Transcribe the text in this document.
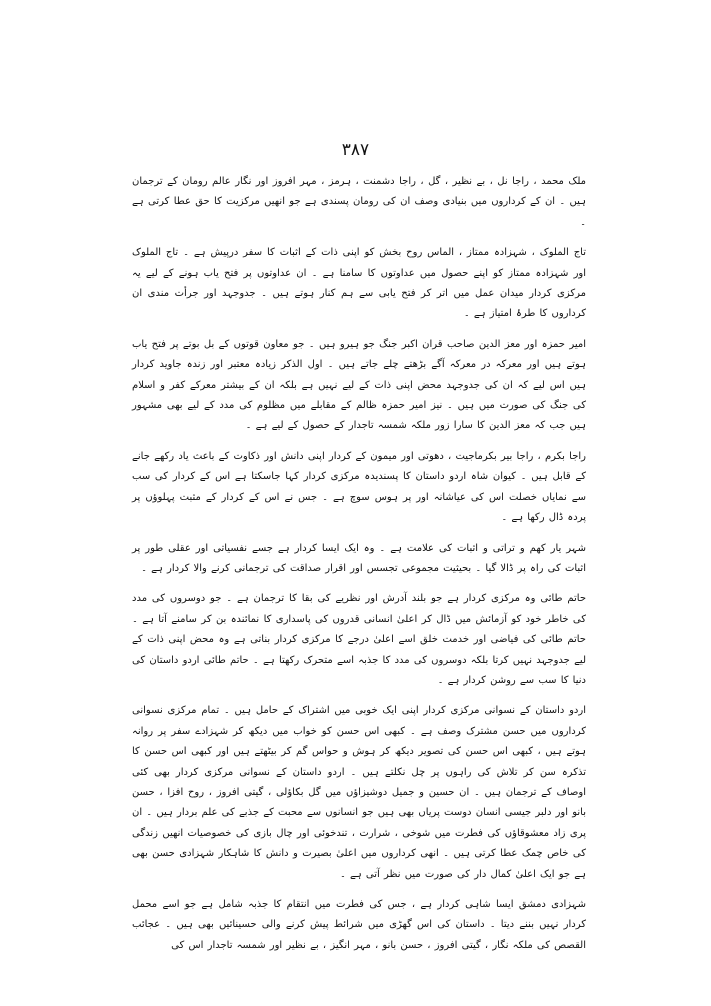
۳۸۷

ملک محمد ، راجا نل ، بے نظیر ، گل ، راجا دشمنت ، ہرمز ، مہر افروز اور نگار عالم رومان کے ترجمان ہیں ۔ ان کے کرداروں میں بنیادی وصف ان کی رومان پسندی ہے جو انھیں مرکزیت کا حق عطا کرتی ہے ۔

تاج الملوک ، شہزادہ ممتاز ، الماس روح بخش کو اپنی ذات کے اثبات کا سفر درپیش ہے ۔ تاج الملوک اور شہزادہ ممتاز کو اپنے حصول میں عداوتوں کا سامنا ہے ۔ ان عداوتوں پر فتح یاب ہونے کے لیے یہ مرکزی کردار میدان عمل میں اتر کر فتح یابی سے ہم کنار ہوتے ہیں ۔ جدوجہد اور جرأت مندی ان کرداروں کا طرۂ امتیاز ہے ۔

امیر حمزہ اور معز الدین صاحب قران اکبر جنگ جو ہیرو ہیں ۔ جو معاون قوتوں کے بل بوتے پر فتح یاب ہوتے ہیں اور معرکہ در معرکہ آگے بڑھتے چلے جاتے ہیں ۔ اول الذکر زیادہ معتبر اور زندہ جاوید کردار ہیں اس لیے کہ ان کی جدوجہد محض اپنی ذات کے لیے نہیں ہے بلکہ ان کے بیشتر معرکے کفر و اسلام کی جنگ کی صورت میں ہیں ۔ نیز امیر حمزہ ظالم کے مقابلے میں مظلوم کی مدد کے لیے بھی مشہور ہیں جب کہ معز الدین کا سارا زور ملکہ شمسہ تاجدار کے حصول کے لیے ہے ۔

راجا بکرم ، راجا بیر بکرماجیت ، دھوتی اور میمون کے کردار اپنی دانش اور ذکاوت کے باعث یاد رکھے جانے کے قابل ہیں ۔ کیوان شاہ اردو داستان کا پسندیدہ مرکزی کردار کہا جاسکتا ہے اس کے کردار کی سب سے نمایاں خصلت اس کی عیاشانہ اور پر ہوس سوچ ہے ۔ جس نے اس کے کردار کے مثبت پہلوؤں پر پردہ ڈال رکھا ہے ۔

شہر یار کھم و تراتی و اثبات کی علامت ہے ۔ وہ ایک ایسا کردار ہے جسے نفسیاتی اور عقلی طور پر اثبات کی راہ پر ڈالا گیا ۔ بحیثیت مجموعی تجسس اور اقرار صداقت کی ترجمانی کرنے والا کردار ہے ۔

حاتم طائی وہ مرکزی کردار ہے جو بلند آدرش اور نظریے کی بقا کا ترجمان ہے ۔ جو دوسروں کی مدد کی خاطر خود کو آزمائش میں ڈال کر اعلیٰ انسانی قدروں کی پاسداری کا نمائندہ بن کر سامنے آتا ہے ۔ حاتم طائی کی فیاضی اور خدمت خلق اسے اعلیٰ درجے کا مرکزی کردار بناتی ہے وہ محض اپنی ذات کے لیے جدوجہد نہیں کرتا بلکہ دوسروں کی مدد کا جذبہ اسے متحرک رکھتا ہے ۔ حاتم طائی اردو داستان کی دنیا کا سب سے روشن کردار ہے ۔

اردو داستان کے نسوانی مرکزی کردار اپنی ایک خوبی میں اشتراک کے حامل ہیں ۔ تمام مرکزی نسوانی کرداروں میں حسن مشترک وصف ہے ۔ کبھی اس حسن کو خواب میں دیکھ کر شہزادے سفر پر روانہ ہوتے ہیں ، کبھی اس حسن کی تصویر دیکھ کر ہوش و حواس گم کر بیٹھتے ہیں اور کبھی اس حسن کا تذکرہ سن کر تلاش کی راہوں پر چل نکلتے ہیں ۔ اردو داستان کے نسوانی مرکزی کردار بھی کئی اوصاف کے ترجمان ہیں ۔ ان حسین و جمیل دوشیزاؤں میں گل بکاؤلی ، گیتی افروز ، روح افزا ، حسن بانو اور دلبر جیسی انسان دوست پریاں بھی ہیں جو انسانوں سے محبت کے جذبے کی علم بردار ہیں ۔ ان پری زاد معشوقاؤں کی فطرت میں شوخی ، شرارت ، تندخوئی اور چال بازی کی خصوصیات انھیں زندگی کی خاص چمک عطا کرتی ہیں ۔ انھی کرداروں میں اعلیٰ بصیرت و دانش کا شاہکار شہزادی حسن بھی ہے جو ایک اعلیٰ کمال دار کی صورت میں نظر آتی ہے ۔

شہزادی دمشق ایسا شاہی کردار ہے ، جس کی فطرت میں انتقام کا جذبہ شامل ہے جو اسے محمل کردار نہیں بننے دیتا ۔ داستان کی اس گھڑی میں شرائط پیش کرنے والی حسینائیں بھی ہیں ۔ عجائب القصص کی ملکہ نگار ، گیتی افروز ، حسن بانو ، مہر انگیز ، بے نظیر اور شمسہ تاجدار اس کی
